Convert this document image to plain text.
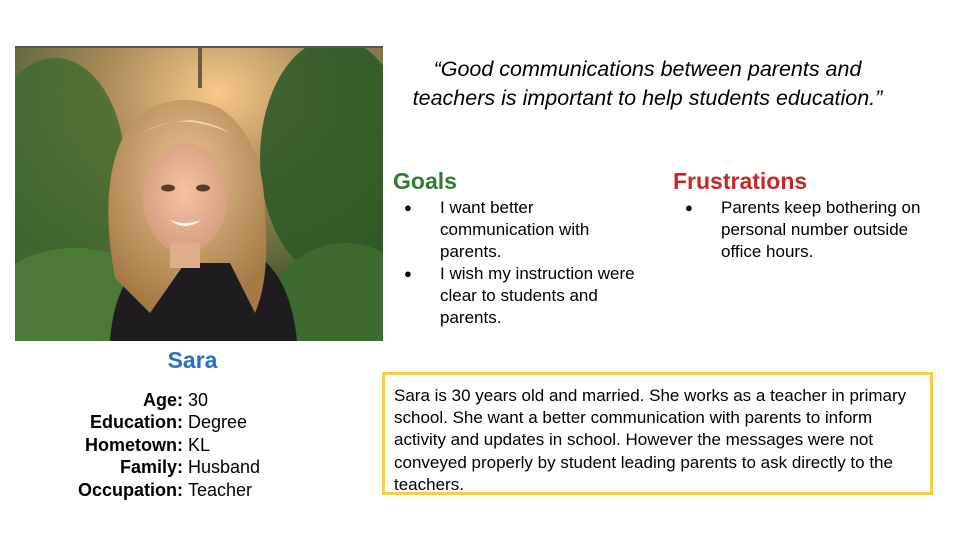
Sara
Age: 30
Education: Degree
Hometown: KL
Family: Husband
Occupation: Teacher
“Good communications between parents and teachers is important to help students education.”
Goals
● I want better communication with parents.
● I wish my instruction were clear to students and parents.
Frustrations
● Parents keep bothering on personal number outside office hours.
Sara is 30 years old and married. She works as a teacher in primary school. She want a better communication with parents to inform activity and updates in school. However the messages were not conveyed properly by student leading parents to ask directly to the teachers.
